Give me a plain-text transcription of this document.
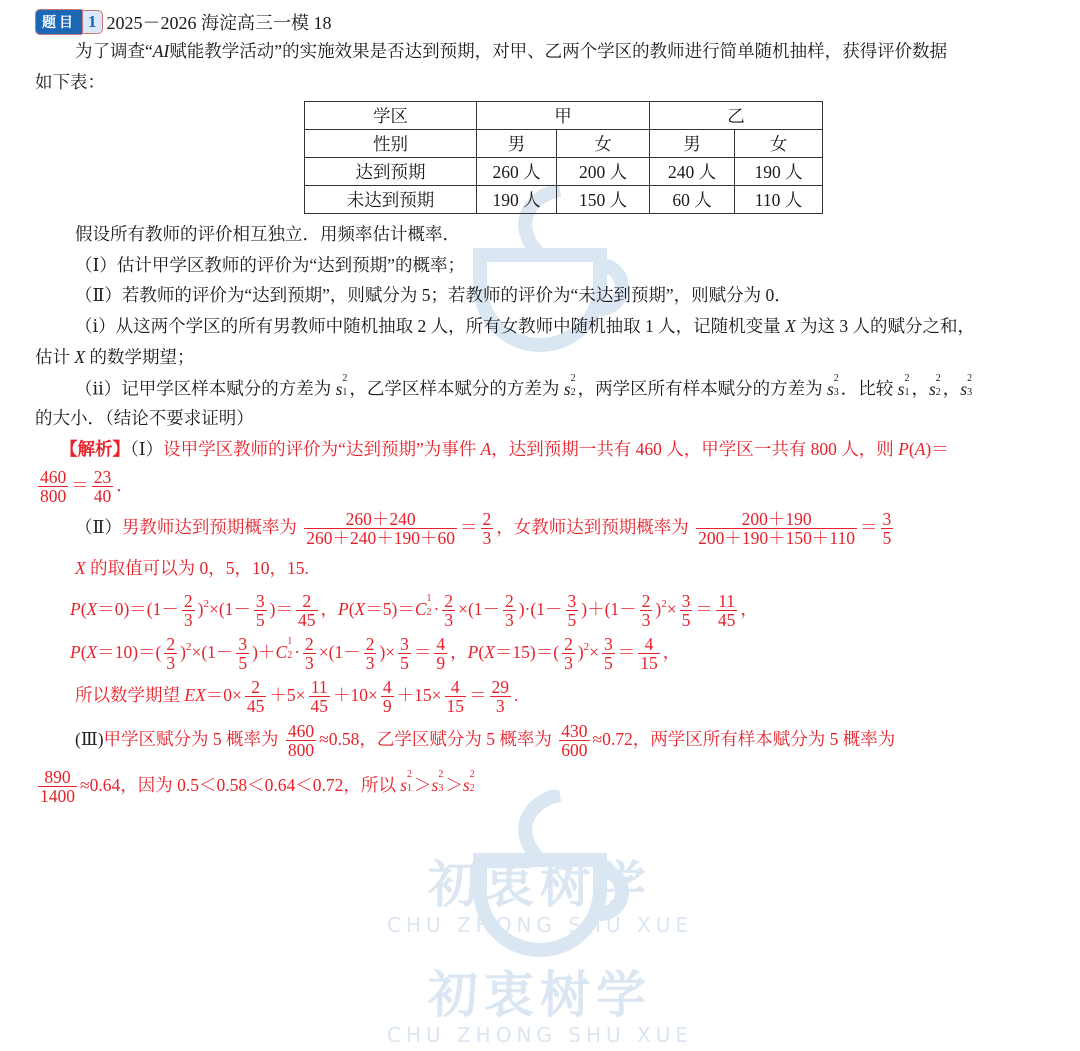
初衷树学
CHU ZHONG SHU XUE
初衷树学
CHU ZHONG SHU XUE
题目 1 2025－2026 海淀高三一模 18
学区	甲		乙	
性别	男	女	男	女
达到预期	260 人	200 人	240 人	190 人
未达到预期	190 人	150 人	60 人	110 人
为了调查“AI赋能教学活动”的实施效果是否达到预期，对甲、乙两个学区的教师进行简单随机抽样，获得评价数据
如下表：
假设所有教师的评价相互独立．用频率估计概率．
（Ⅰ）估计甲学区教师的评价为“达到预期”的概率；
（Ⅱ）若教师的评价为“达到预期”，则赋分为 5；若教师的评价为“未达到预期”，则赋分为 0．
（ⅰ）从这两个学区的所有男教师中随机抽取 2 人，所有女教师中随机抽取 1 人，记随机变量 X 为这 3 人的赋分之和，
估计 X 的数学期望；
（ⅱ）记甲学区样本赋分的方差为 s 2
1 ，乙学区样本赋分的方差为 s 2
2 ，两学区所有样本赋分的方差为 s 2
3 ．比较 s 2
1 ，s 2
2 ，s 2
3
的大小．（结论不要求证明）
【解析】（Ⅰ）设甲学区教师的评价为“达到预期”为事件 A，达到预期一共有 460 人，甲学区一共有 800 人，则 P(A)＝
$\frac{460}{800} = \frac{23}{40}$ ．
（Ⅱ）男教师达到预期概率为 $\frac{260+240}{260+240+190+60} = \frac{2}{3}$ ，女教师达到预期概率为 $\frac{200+190}{200+190+150+110} = \frac{3}{5}$
X 的取值可以为 0，5，10，15.
$P(X=0)=(1- \frac{2}{3} )^2\times(1- \frac{3}{5}$ )＝ $\frac{2}{45}$ ，P(X＝5)＝C 1
$2 \cdot \frac{2}{3} \times(1- \frac{2}{3} )\cdot(1- \frac{3}{5} )+(1- \frac{2}{3} )^2\times \frac{3}{5} = \frac{11}{45}$ ，
$P(X=10)=( \frac{2}{3} )^2\times(1- \frac{3}{5} )+C$ 1
$2 \cdot \frac{2}{3} \times(1- \frac{2}{3}$ )× $\frac{3}{5} = \frac{4}{9}$ ，$P(X=15)=( \frac{2}{3} )^2\times \frac{3}{5} = \frac{4}{15}$ ，
所以数学期望 $EX=0\times \frac{2}{45} +5\times \frac{11}{45} +10\times \frac{4}{9} +15\times \frac{4}{15} = \frac{29}{3}$ .
(Ⅲ)甲学区赋分为 5 概率为 $\frac{460}{800} \approx 0.58$，乙学区赋分为 5 概率为 $\frac{430}{600} \approx 0.72$，两学区所有样本赋分为 5 概率为
$\frac{890}{1400} \approx 0.64$，因为 0.5＜0.58＜0.64＜0.72，所以 s 2
1 ＞s 2
3 ＞s 2
2
